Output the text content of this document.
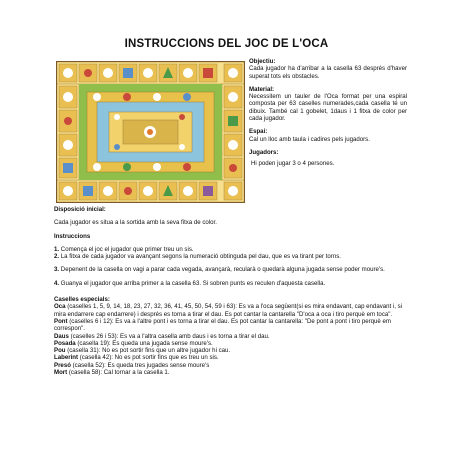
INSTRUCCIONS DEL JOC DE L'OCA
Objectiu:
Cada jugador ha d'arribar a la casella 63 després d'haver superat tots els obstacles.
Material:
Necessitem un tauler de l'Oca format per una espiral composta per 63 caselles numerades,cada casella té un dibuix. També cal 1 gobelet, 1daus i 1 fitxa de color per cada jugador.
Espai:
Cal un lloc amb taula i cadires pels jugadors.
Jugadors:
Hi poden jugar 3 o 4 persones.
Disposició inicial:
Cada jugador es situa a la sortida amb la seva fitxa de color.
Instruccions
1. Comença el joc el jugador que primer treu un sis.
2. La fitxa de cada jugador va avançant segons la numeració obtinguda pel dau, que es va tirant per torns.
3. Depenent de la casella on vagi a parar cada vegada, avançarà, recularà o quedarà alguna jugada sense poder moure's.
4. Guanya el jugador que arriba primer a la casella 63. Si sobren punts es reculen d'aquesta casella.
Caselles especials:
Oca (caselles 1, 5, 9, 14, 18, 23, 27, 32, 36, 41, 45, 50, 54, 59 i 63): Es va a l'oca següent(si es mira endavant, cap endavant i, si mira endarrere cap endarrere) i després es torna a tirar el dau. Es pot cantar la cantarella "D'oca a oca i tiro perquè em toca".
Pont (caselles 6 i 12): Es va a l'altre pont i es torna a tirar el dau. Es pot cantar la cantarella: "De pont a pont i tiro perquè em correspon".
Daus (caselles 26 i 53): Es va a l'altra casella amb daus i es torna a tirar el dau.
Posada (casella 19): Es queda una jugada sense moure's.
Pou (casella 31): No es pot sortir fins que un altre jugador hi cau.
Laberint (casella 42): No es pot sortir fins que es treu un sis.
Presó (casella 52): Es queda tres jugades sense moure's
Mort (casella 58): Cal tornar a la casella 1.
